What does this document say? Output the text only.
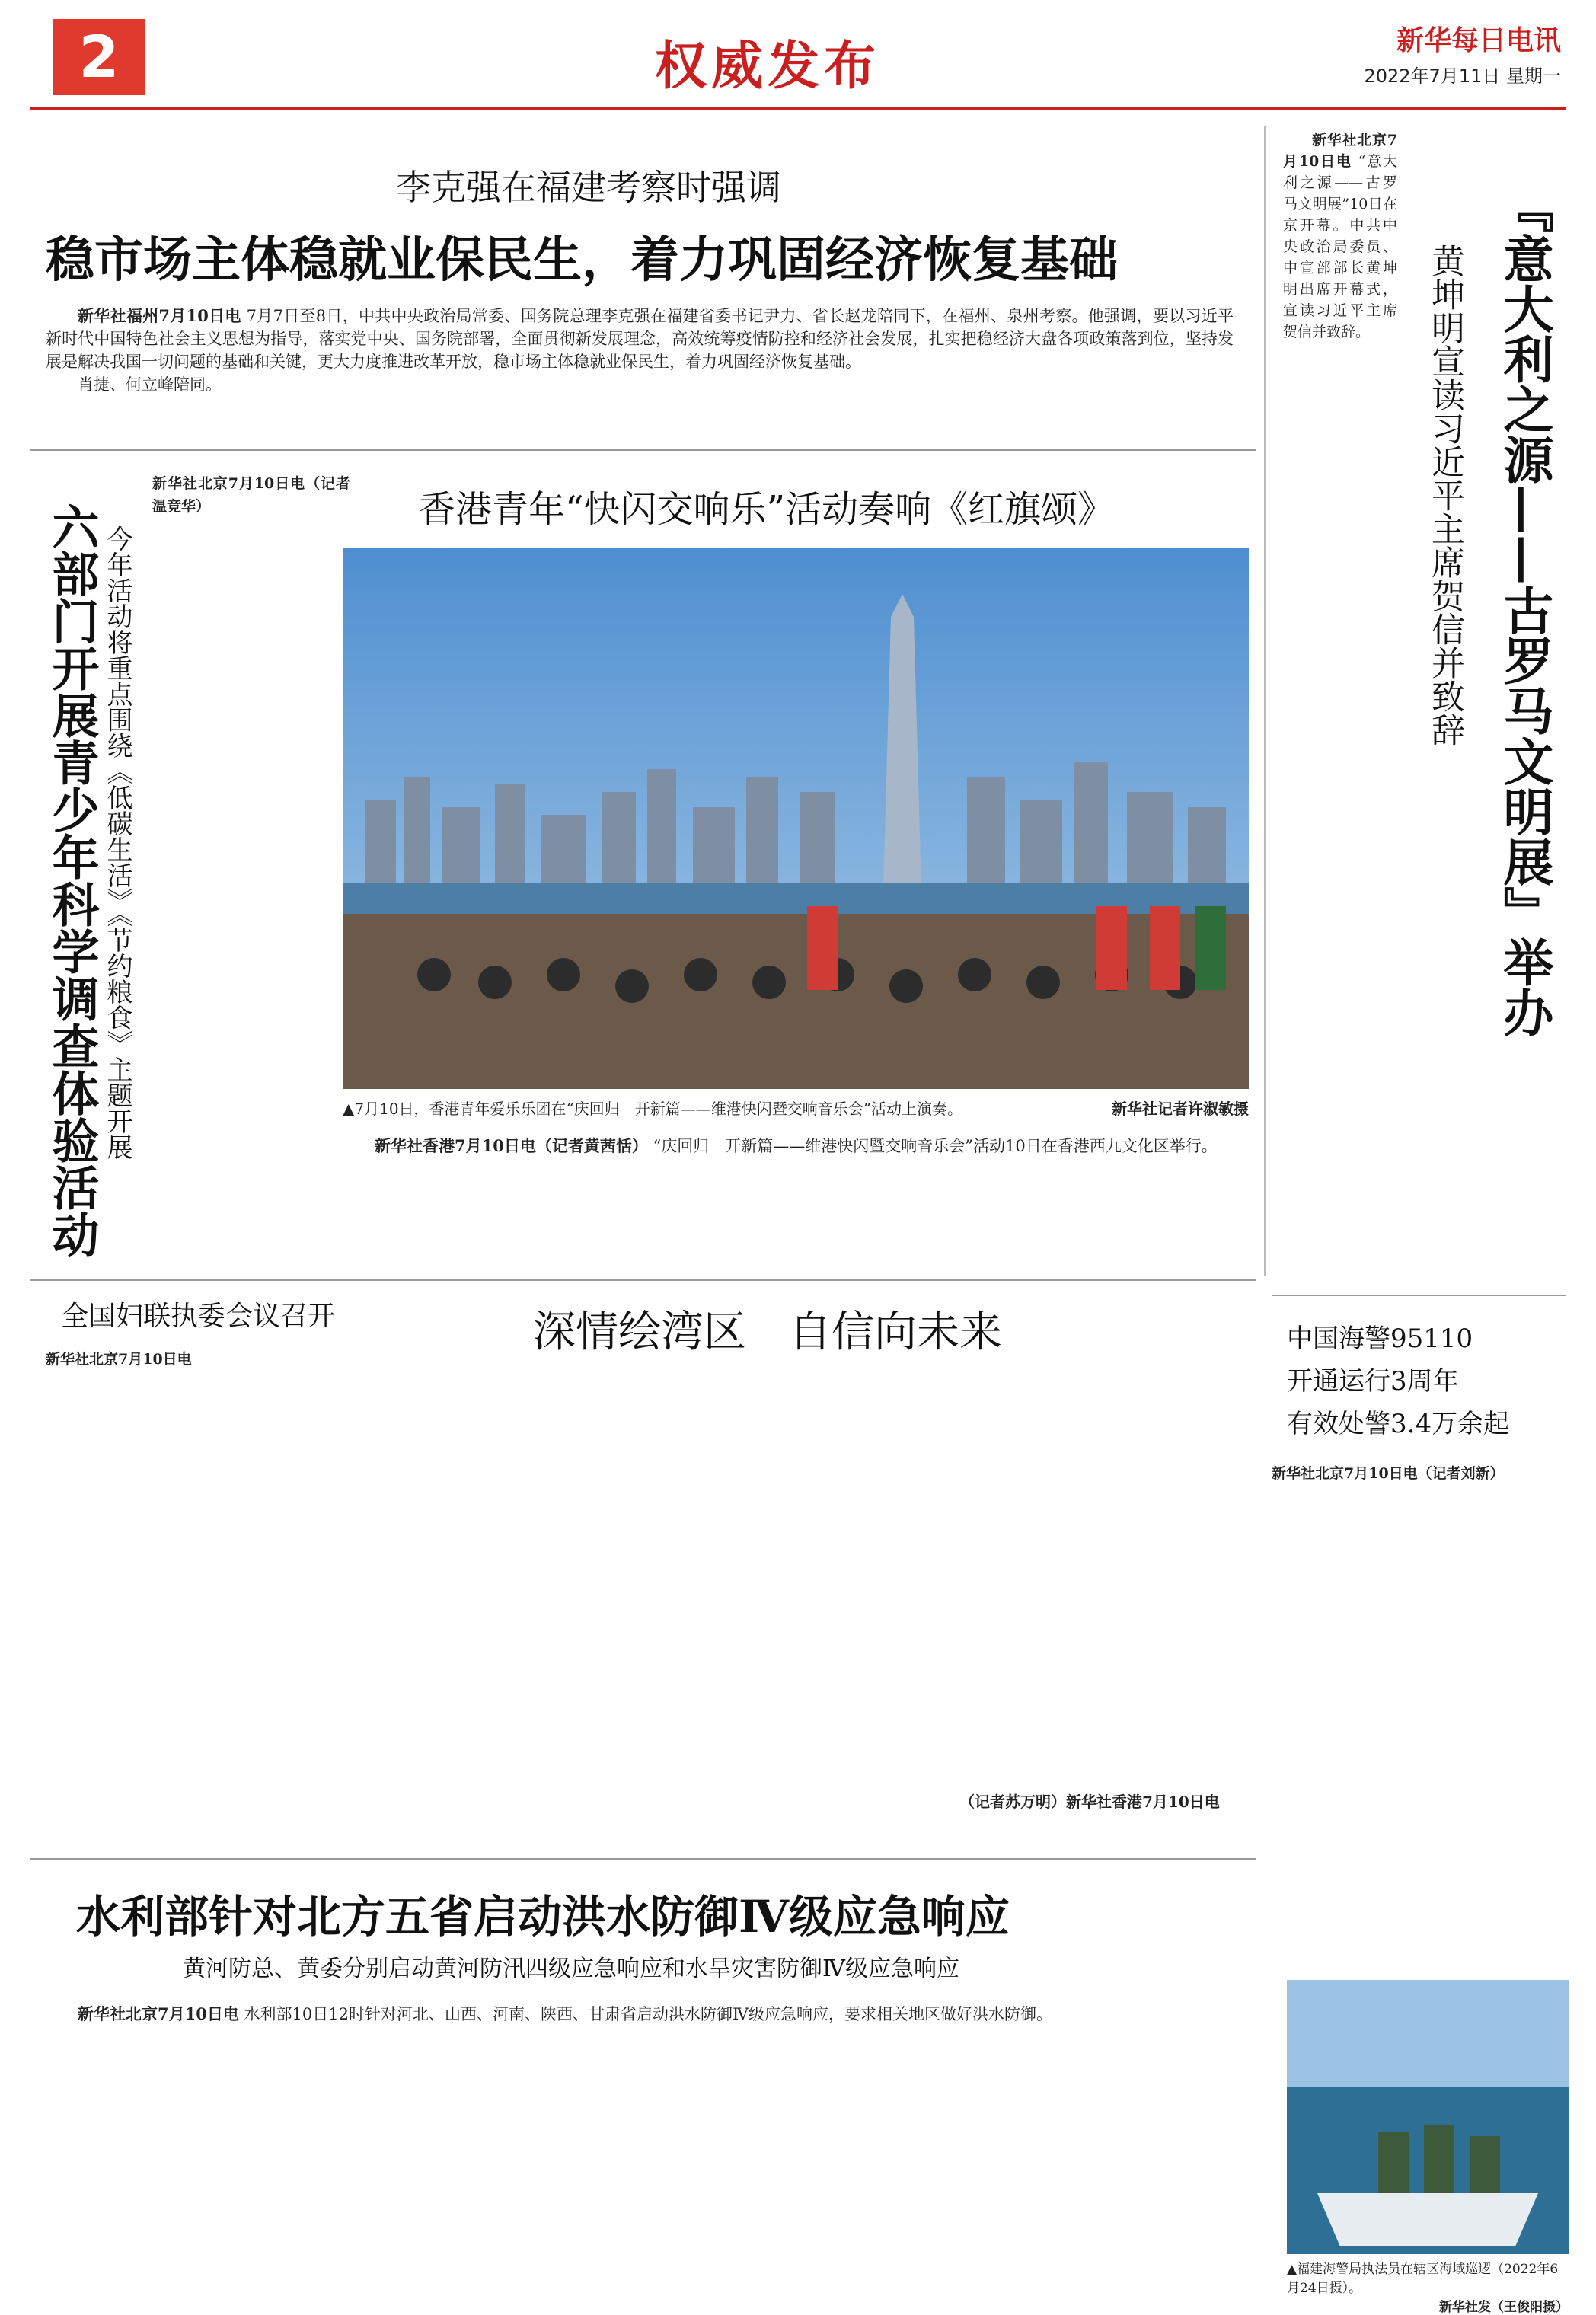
2	权威发布	新华每日电讯
2022年7月11日 星期一
李克强在福建考察时强调
稳市场主体稳就业保民生，着力巩固经济恢复基础

新华社福州7月10日电 7月7日至8日，中共中央政治局常委、国务院总理李克强在福建省委书记尹力、省长赵龙陪同下，在福州、泉州考察。他强调，要以习近平新时代中国特色社会主义思想为指导，落实党中央、国务院部署，全面贯彻新发展理念，高效统筹疫情防控和经济社会发展，扎实把稳经济大盘各项政策落到位，坚持发展是解决我国一切问题的基础和关键，更大力度推进改革开放，稳市场主体稳就业保民生，着力巩固经济恢复基础。

肖捷、何立峰陪同。

新华社北京7月10日电 “意大利之源——古罗马文明展”10日在京开幕。中共中央政治局委员、中宣部部长黄坤明出席开幕式，宣读习近平主席贺信并致辞。	『意大利之源——古罗马文明展』举办
黄坤明宣读习近平主席贺信并致辞
六部门开展青少年科学调查体验活动 今年活动将重点围绕《低碳生活》《节约粮食》主题开展
新华社北京7月10日电（记者温竞华）	香港青年“快闪交响乐”活动奏响《红旗颂》
▲7月10日，香港青年爱乐乐团在“庆回归　开新篇——维港快闪暨交响音乐会”活动上演奏。	新华社记者许淑敏摄

新华社香港7月10日电（记者黄茜恬） “庆回归　开新篇——维港快闪暨交响音乐会”活动10日在香港西九文化区举行。

中国海警95110
开通运行3周年
有效处警3.4万余起
新华社北京7月10日电（记者刘新）
全国妇联执委会议召开
新华社北京7月10日电
深情绘湾区　自信向未来
（记者苏万明）新华社香港7月10日电
水利部针对北方五省启动洪水防御Ⅳ级应急响应
黄河防总、黄委分别启动黄河防汛四级应急响应和水旱灾害防御Ⅳ级应急响应

新华社北京7月10日电 水利部10日12时针对河北、山西、河南、陕西、甘肃省启动洪水防御Ⅳ级应急响应，要求相关地区做好洪水防御。

▲福建海警局执法员在辖区海域巡逻（2022年6月24日摄）。
新华社发（王俊阳摄）
